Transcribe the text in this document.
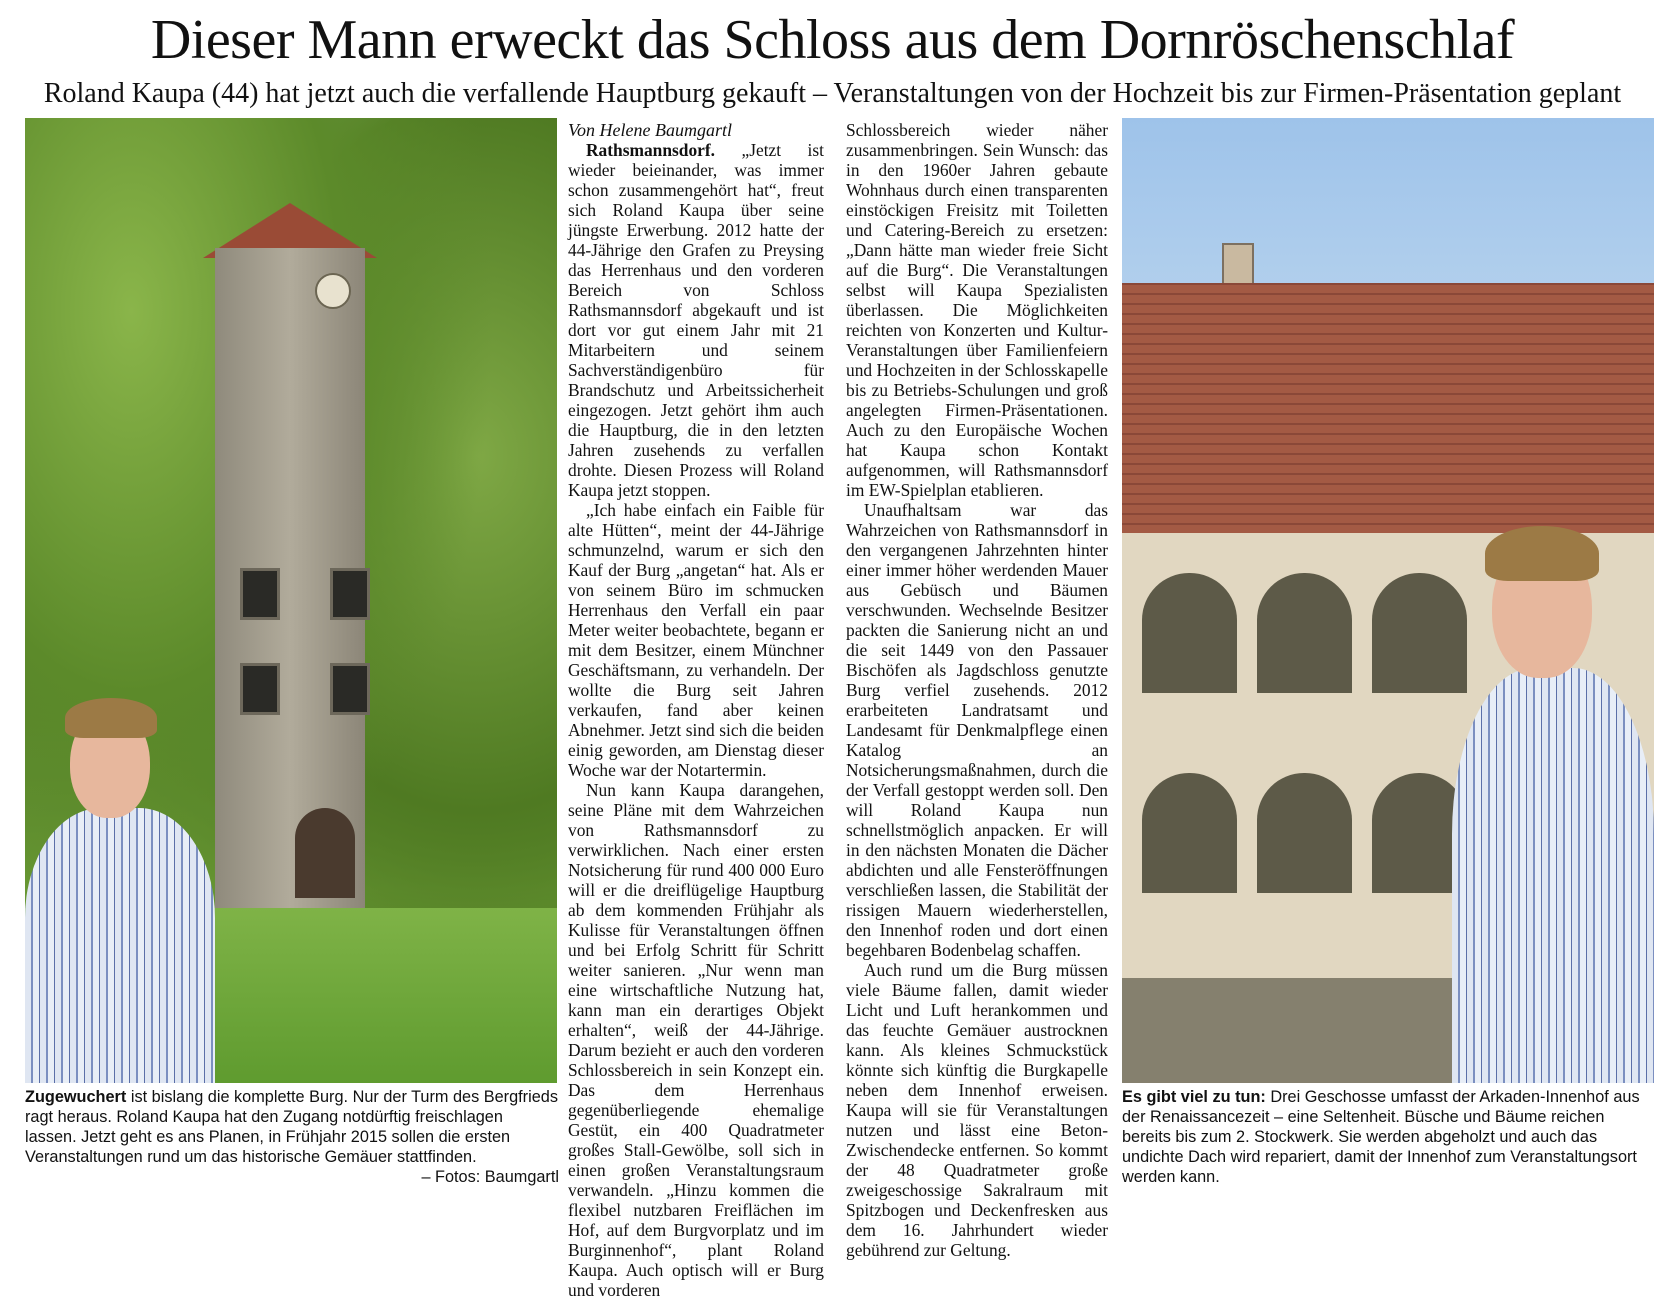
Dieser Mann erweckt das Schloss aus dem Dornröschenschlaf
Roland Kaupa (44) hat jetzt auch die verfallende Hauptburg gekauft – Veranstaltungen von der Hochzeit bis zur Firmen-Präsentation geplant

Zugewuchert ist bislang die komplette Burg. Nur der Turm des Bergfrieds ragt heraus. Roland Kaupa hat den Zugang notdürftig freischlagen lassen. Jetzt geht es ans Planen, in Frühjahr 2015 sollen die ersten Veranstaltungen rund um das historische Gemäuer stattfinden.
– Fotos: Baumgartl

Es gibt viel zu tun: Drei Geschosse umfasst der Arkaden-Innenhof aus der Renaissancezeit – eine Seltenheit. Büsche und Bäume reichen bereits bis zum 2. Stockwerk. Sie werden abgeholzt und auch das undichte Dach wird repariert, damit der Innenhof zum Veranstaltungsort werden kann.

Von Helene Baumgartl

Rathsmannsdorf. „Jetzt ist wieder beieinander, was immer schon zusammengehört hat“, freut sich Roland Kaupa über seine jüngste Erwerbung. 2012 hatte der 44-Jährige den Grafen zu Preysing das Herrenhaus und den vorderen Bereich von Schloss Rathsmannsdorf abgekauft und ist dort vor gut einem Jahr mit 21 Mitarbeitern und seinem Sachverständigenbüro für Brandschutz und Arbeitssicherheit eingezogen. Jetzt gehört ihm auch die Hauptburg, die in den letzten Jahren zusehends zu verfallen drohte. Diesen Prozess will Roland Kaupa jetzt stoppen.

„Ich habe einfach ein Faible für alte Hütten“, meint der 44-Jährige schmunzelnd, warum er sich den Kauf der Burg „angetan“ hat. Als er von seinem Büro im schmucken Herrenhaus den Verfall ein paar Meter weiter beobachtete, begann er mit dem Besitzer, einem Münchner Geschäftsmann, zu verhandeln. Der wollte die Burg seit Jahren verkaufen, fand aber keinen Abnehmer. Jetzt sind sich die beiden einig geworden, am Dienstag dieser Woche war der Notartermin.

Nun kann Kaupa darangehen, seine Pläne mit dem Wahrzeichen von Rathsmannsdorf zu verwirklichen. Nach einer ersten Notsicherung für rund 400 000 Euro will er die dreiflügelige Hauptburg ab dem kommenden Frühjahr als Kulisse für Veranstaltungen öffnen und bei Erfolg Schritt für Schritt weiter sanieren. „Nur wenn man eine wirtschaftliche Nutzung hat, kann man ein derartiges Objekt erhalten“, weiß der 44-Jährige. Darum bezieht er auch den vorderen Schlossbereich in sein Konzept ein. Das dem Herrenhaus gegenüberliegende ehemalige Gestüt, ein 400 Quadratmeter großes Stall-Gewölbe, soll sich in einen großen Veranstaltungsraum verwandeln. „Hinzu kommen die flexibel nutzbaren Freiflächen im Hof, auf dem Burgvorplatz und im Burginnenhof“, plant Roland Kaupa. Auch optisch will er Burg und vorderen

Schlossbereich wieder näher zusammenbringen. Sein Wunsch: das in den 1960er Jahren gebaute Wohnhaus durch einen transparenten einstöckigen Freisitz mit Toiletten und Catering-Bereich zu ersetzen: „Dann hätte man wieder freie Sicht auf die Burg“. Die Veranstaltungen selbst will Kaupa Spezialisten überlassen. Die Möglichkeiten reichten von Konzerten und Kultur-Veranstaltungen über Familienfeiern und Hochzeiten in der Schlosskapelle bis zu Betriebs-Schulungen und groß angelegten Firmen-Präsentationen. Auch zu den Europäische Wochen hat Kaupa schon Kontakt aufgenommen, will Rathsmannsdorf im EW-Spielplan etablieren.

Unaufhaltsam war das Wahrzeichen von Rathsmannsdorf in den vergangenen Jahrzehnten hinter einer immer höher werdenden Mauer aus Gebüsch und Bäumen verschwunden. Wechselnde Besitzer packten die Sanierung nicht an und die seit 1449 von den Passauer Bischöfen als Jagdschloss genutzte Burg verfiel zusehends. 2012 erarbeiteten Landratsamt und Landesamt für Denkmalpflege einen Katalog an Notsicherungsmaßnahmen, durch die der Verfall gestoppt werden soll. Den will Roland Kaupa nun schnellstmöglich anpacken. Er will in den nächsten Monaten die Dächer abdichten und alle Fensteröffnungen verschließen lassen, die Stabilität der rissigen Mauern wiederherstellen, den Innenhof roden und dort einen begehbaren Bodenbelag schaffen.

Auch rund um die Burg müssen viele Bäume fallen, damit wieder Licht und Luft herankommen und das feuchte Gemäuer austrocknen kann. Als kleines Schmuckstück könnte sich künftig die Burgkapelle neben dem Innenhof erweisen. Kaupa will sie für Veranstaltungen nutzen und lässt eine Beton-Zwischendecke entfernen. So kommt der 48 Quadratmeter große zweigeschossige Sakralraum mit Spitzbogen und Deckenfresken aus dem 16. Jahrhundert wieder gebührend zur Geltung.
